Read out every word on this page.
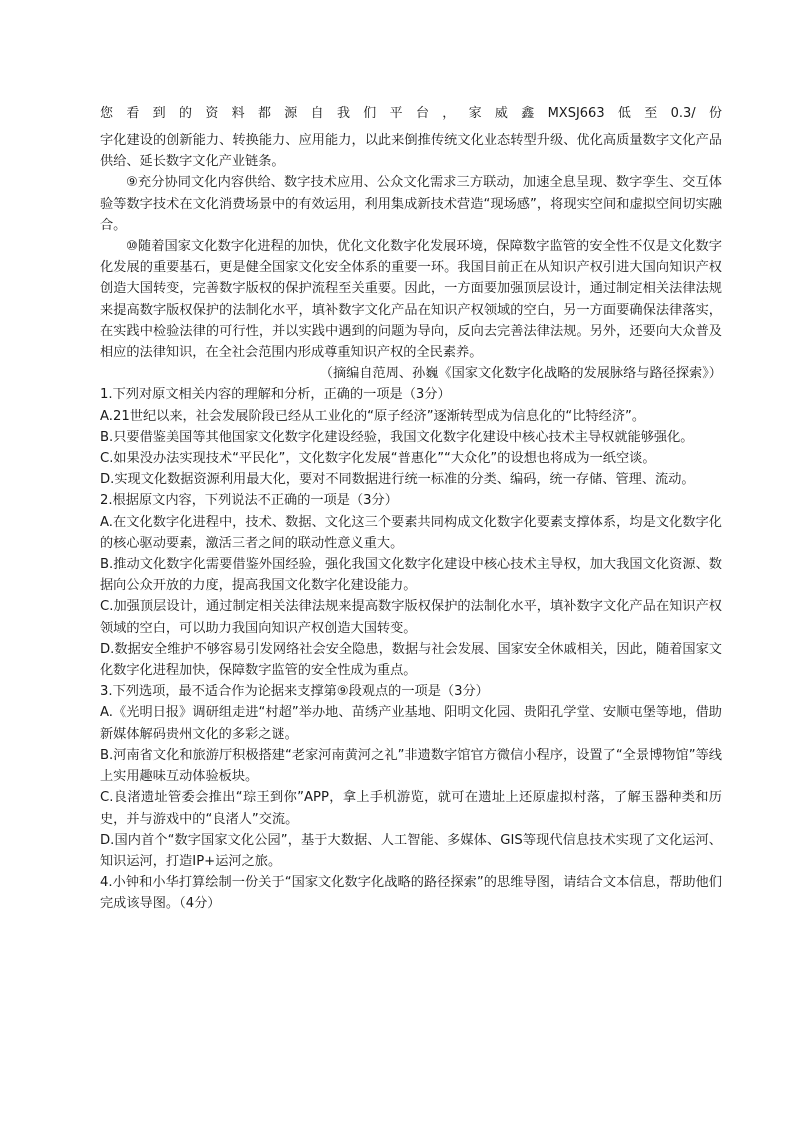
您 看 到 的 资 料 都 源 自 我 们 平 台 ， 家 威 鑫 MXSJ663 低 至 0.3/ 份

字化建设的创新能力、转换能力、应用能力，以此来倒推传统文化业态转型升级、优化高质量数字文化产品供给、延长数字文化产业链条。

⑨充分协同文化内容供给、数字技术应用、公众文化需求三方联动，加速全息呈现、数字孪生、交互体验等数字技术在文化消费场景中的有效运用，利用集成新技术营造“现场感”，将现实空间和虚拟空间切实融合。

⑩随着国家文化数字化进程的加快，优化文化数字化发展环境，保障数字监管的安全性不仅是文化数字化发展的重要基石，更是健全国家文化安全体系的重要一环。我国目前正在从知识产权引进大国向知识产权创造大国转变，完善数字版权的保护流程至关重要。因此，一方面要加强顶层设计，通过制定相关法律法规来提高数字版权保护的法制化水平，填补数字文化产品在知识产权领域的空白，另一方面要确保法律落实，在实践中检验法律的可行性，并以实践中遇到的问题为导向，反向去完善法律法规。另外，还要向大众普及相应的法律知识，在全社会范围内形成尊重知识产权的全民素养。

（摘编自范周、孙巍《国家文化数字化战略的发展脉络与路径探索》）

1.下列对原文相关内容的理解和分析，正确的一项是（3分）

A.21世纪以来，社会发展阶段已经从工业化的“原子经济”逐渐转型成为信息化的“比特经济”。

B.只要借鉴美国等其他国家文化数字化建设经验，我国文化数字化建设中核心技术主导权就能够强化。

C.如果没办法实现技术“平民化”，文化数字化发展“普惠化”“大众化”的设想也将成为一纸空谈。

D.实现文化数据资源利用最大化，要对不同数据进行统一标准的分类、编码，统一存储、管理、流动。

2.根据原文内容，下列说法不正确的一项是（3分）

A.在文化数字化进程中，技术、数据、文化这三个要素共同构成文化数字化要素支撑体系，均是文化数字化的核心驱动要素，激活三者之间的联动性意义重大。

B.推动文化数字化需要借鉴外国经验，强化我国文化数字化建设中核心技术主导权，加大我国文化资源、数据向公众开放的力度，提高我国文化数字化建设能力。

C.加强顶层设计，通过制定相关法律法规来提高数字版权保护的法制化水平，填补数字文化产品在知识产权领域的空白，可以助力我国向知识产权创造大国转变。

D.数据安全维护不够容易引发网络社会安全隐患，数据与社会发展、国家安全休戚相关，因此，随着国家文化数字化进程加快，保障数字监管的安全性成为重点。

3.下列选项，最不适合作为论据来支撑第⑨段观点的一项是（3分）

A.《光明日报》调研组走进“村超”举办地、苗绣产业基地、阳明文化园、贵阳孔学堂、安顺屯堡等地，借助新媒体解码贵州文化的多彩之谜。

B.河南省文化和旅游厅积极搭建“老家河南黄河之礼”非遗数字馆官方微信小程序，设置了“全景博物馆”等线上实用趣味互动体验板块。

C.良渚遗址管委会推出“琮王到你”APP，拿上手机游览，就可在遗址上还原虚拟村落，了解玉器种类和历史，并与游戏中的“良渚人”交流。

D.国内首个“数字国家文化公园”，基于大数据、人工智能、多媒体、GIS等现代信息技术实现了文化运河、知识运河，打造IP+运河之旅。

4.小钟和小华打算绘制一份关于“国家文化数字化战略的路径探索”的思维导图，请结合文本信息，帮助他们完成该导图。（4分）
